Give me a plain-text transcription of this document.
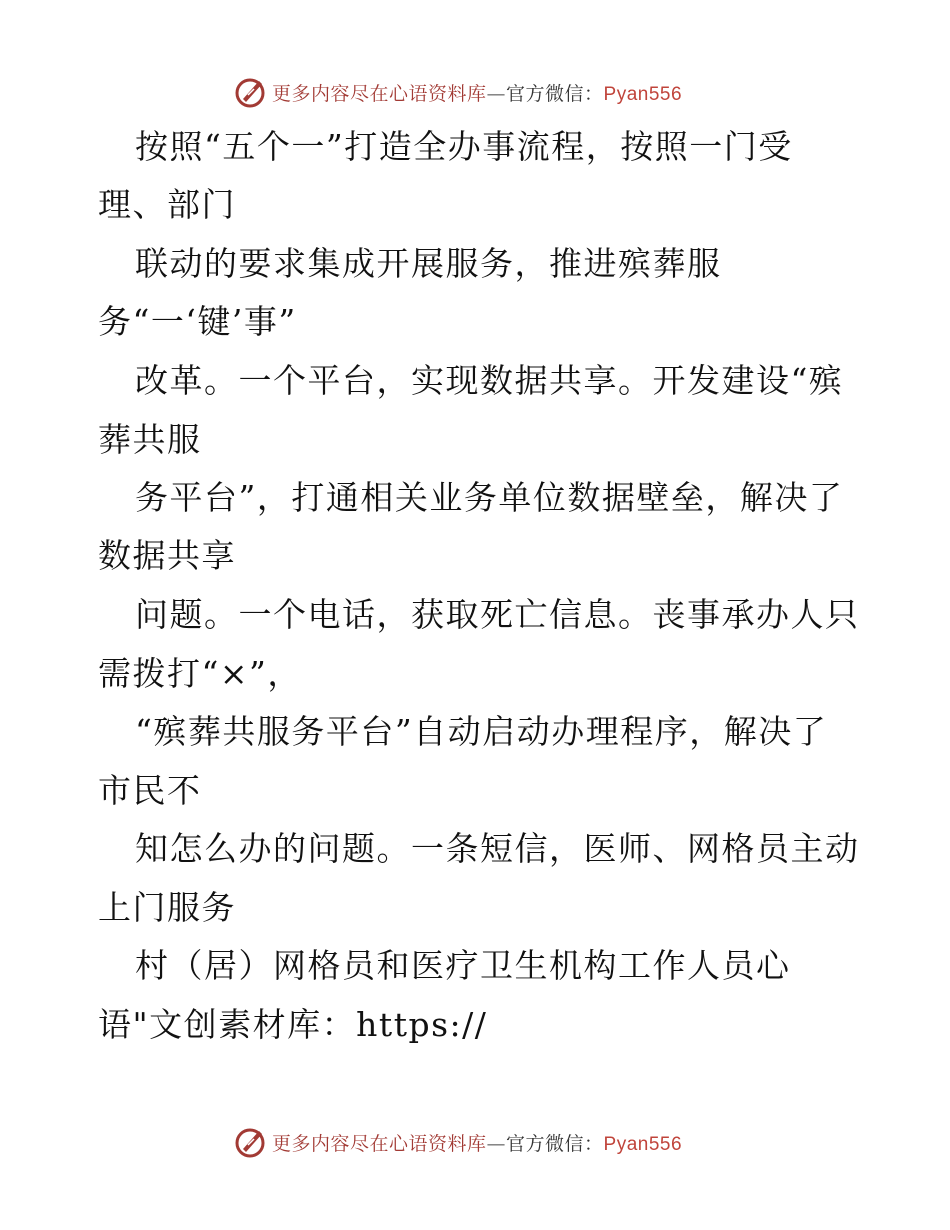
更多内容尽在心语资料库—官方微信：Pyan556
按照“五个一”打造全办事流程，按照一门受
理、部门
联动的要求集成开展服务，推进殡葬服
务“一‘键’事”
改革。一个平台，实现数据共享。开发建设“殡
葬共服
务平台”，打通相关业务单位数据壁垒，解决了
数据共享
问题。一个电话，获取死亡信息。丧事承办人只
需拨打“×”，
“殡葬共服务平台”自动启动办理程序，解决了
市民不
知怎么办的问题。一条短信，医师、网格员主动
上门服务
村（居）网格员和医疗卫生机构工作人员心
语"文创素材库：https://
更多内容尽在心语资料库—官方微信：Pyan556
